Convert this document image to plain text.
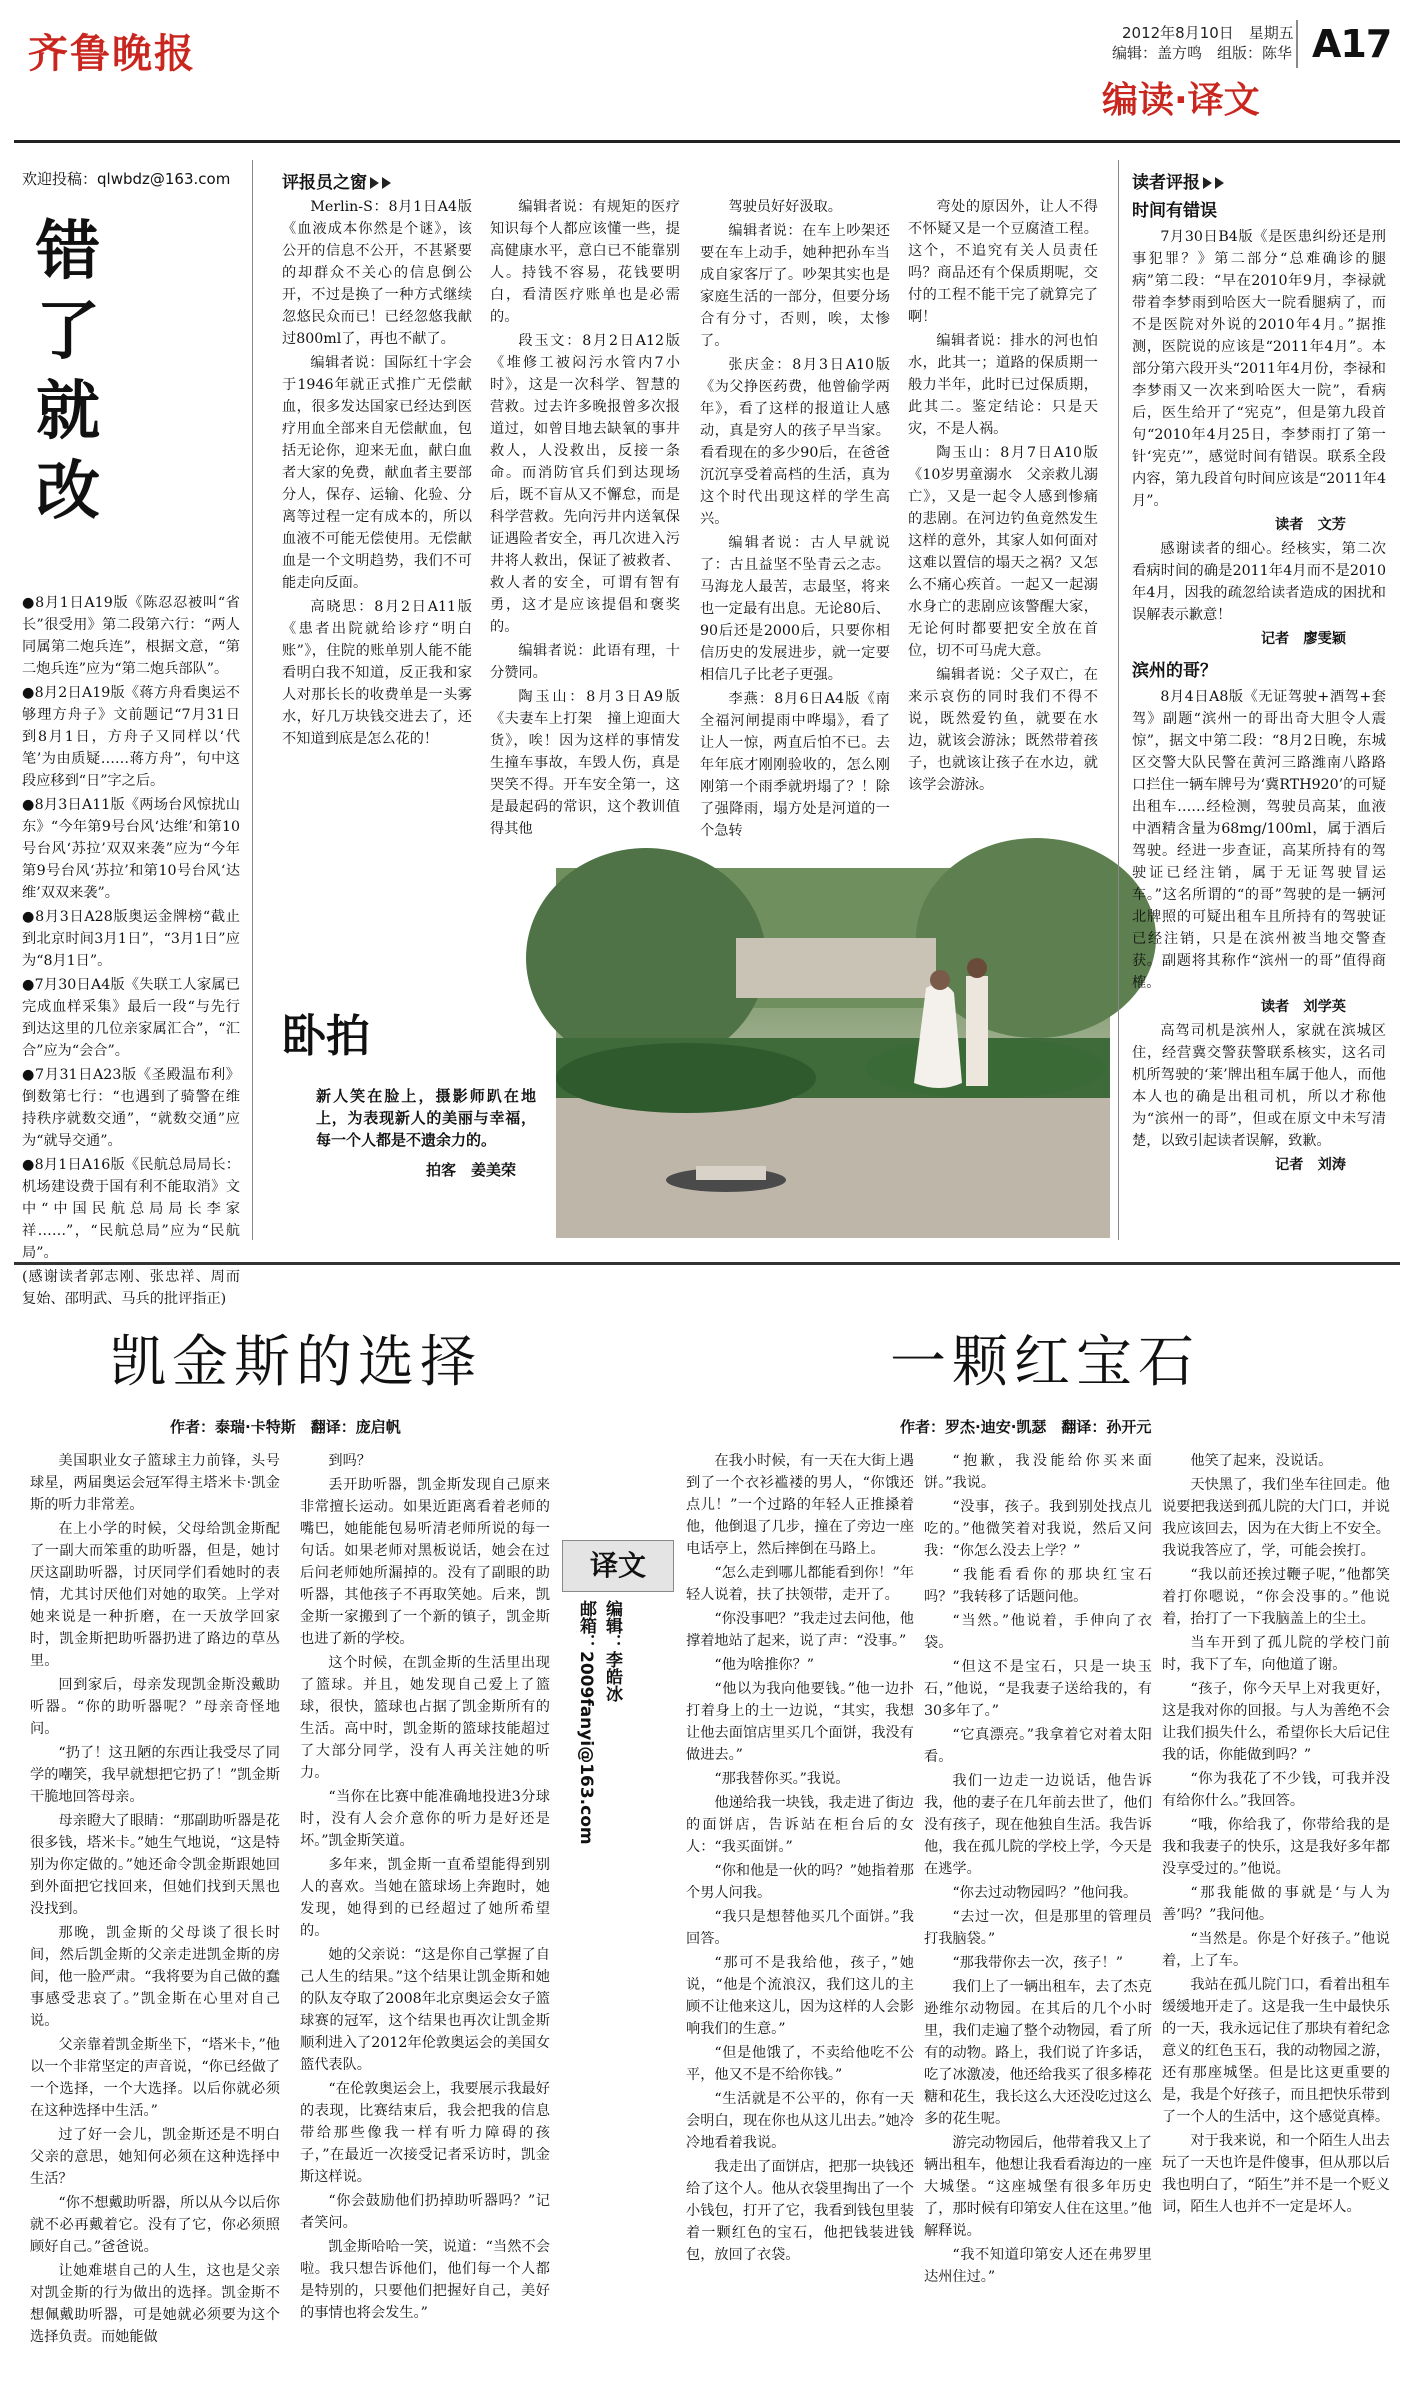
齐鲁晚报	2012年8月10日　星期五
编辑：盖方鸣　组版：陈华 A17
编读·译文
欢迎投稿：qlwbdz@163.com
错　了
就　改

●8月1日A19版《陈忍忍被叫“省长”很受用》第二段第六行：“两人同属第二炮兵连”，根据文意，“第二炮兵连”应为“第二炮兵部队”。

●8月2日A19版《蒋方舟看奥运不够理方舟子》文前题记“7月31日到8月1日，方舟子又同样以‘代笔’为由质疑……蒋方舟”，句中这段应移到“日”字之后。

●8月3日A11版《两场台风惊扰山东》“今年第9号台风‘达维’和第10号台风‘苏拉’双双来袭”应为“今年第9号台风‘苏拉’和第10号台风‘达维’双双来袭”。

●8月3日A28版奥运金牌榜“截止到北京时间3月1日”，“3月1日”应为“8月1日”。

●7月30日A4版《失联工人家属已完成血样采集》最后一段“与先行到达这里的几位亲家属汇合”，“汇合”应为“会合”。

●7月31日A23版《圣殿温布利》倒数第七行：“也遇到了骑警在维持秩序就数交通”，“就数交通”应为“就导交通”。

●8月1日A16版《民航总局局长：机场建设费于国有利不能取消》文中“中国民航总局局长李家祥……”，“民航总局”应为“民航局”。

(感谢读者郭志刚、张忠祥、周而复始、邵明武、马兵的批评指正)

评报员之窗

Merlin-S：8月1日A4版《血液成本你然是个谜》，该公开的信息不公开，不甚紧要的却群众不关心的信息倒公开，不过是换了一种方式继续忽悠民众而已！已经忽悠我献过800ml了，再也不献了。

编辑者说：国际红十字会于1946年就正式推广无偿献血，很多发达国家已经达到医疗用血全部来自无偿献血，包括无论你，迎来无血，献白血者大家的免费，献血者主要部分人，保存、运输、化验、分离等过程一定有成本的，所以血液不可能无偿使用。无偿献血是一个文明趋势，我们不可能走向反面。

高晓思：8月2日A11版《患者出院就给诊疗“明白账”》，住院的账单别人能不能看明白我不知道，反正我和家人对那长长的收费单是一头雾水，好几万块钱交进去了，还不知道到底是怎么花的！

编辑者说：有规矩的医疗知识每个人都应该懂一些，提高健康水平，意白已不能靠别人。持钱不容易，花钱要明白，看清医疗账单也是必需的。

段玉文：8月2日A12版《堆修工被闷污水管内7小时》，这是一次科学、智慧的营救。过去许多晚报曾多次报道过，如曾目地去缺氧的事井救人，人没救出，反接一条命。而消防官兵们到达现场后，既不盲从又不懈怠，而是科学营救。先向污井内送氧保证遇险者安全，再几次进入污井将人救出，保证了被救者、救人者的安全，可谓有智有勇，这才是应该提倡和褒奖的。

编辑者说：此语有理，十分赞同。

陶玉山：8月3日A9版《夫妻车上打架　撞上迎面大货》，唉！因为这样的事情发生撞车事故，车毁人伤，真是哭笑不得。开车安全第一，这是最起码的常识，这个教训值得其他

驾驶员好好汲取。

编辑者说：在车上吵架还要在车上动手，她种把孙车当成自家客厅了。吵架其实也是家庭生活的一部分，但要分场合有分寸，否则，唉，太惨了。

张庆金：8月3日A10版《为父挣医药费，他曾偷学两年》，看了这样的报道让人感动，真是穷人的孩子早当家。看看现在的多少90后，在爸爸沉沉享受着高档的生活，真为这个时代出现这样的学生高兴。

编辑者说：古人早就说了：古且益坚不坠青云之志。马海龙人最苦，志最坚，将来也一定最有出息。无论80后、90后还是2000后，只要你相信历史的发展进步，就一定要相信几子比老子更强。

李燕：8月6日A4版《南全福河闸提雨中哗塌》，看了让人一惊，两直后怕不已。去年年底才刚刚验收的，怎么刚刚第一个雨季就坍塌了？！除了强降雨，塌方处是河道的一个急转

弯处的原因外，让人不得不怀疑又是一个豆腐渣工程。这个，不追究有关人员责任吗？商品还有个保质期呢，交付的工程不能干完了就算完了啊！

编辑者说：排水的河也怕水，此其一；道路的保质期一般力半年，此时已过保质期，此其二。鉴定结论：只是天灾，不是人祸。

陶玉山：8月7日A10版《10岁男童溺水　父亲救儿溺亡》，又是一起令人感到惨痛的悲剧。在河边钓鱼竟然发生这样的意外，其家人如何面对这难以置信的塌天之祸？又怎么不痛心疾首。一起又一起溺水身亡的悲剧应该警醒大家，无论何时都要把安全放在首位，切不可马虎大意。

编辑者说：父子双亡，在来示哀伤的同时我们不得不说，既然爱钓鱼，就要在水边，就该会游泳；既然带着孩子，也就该让孩子在水边，就该学会游泳。

卧拍

新人笑在脸上，摄影师趴在地上，为表现新人的美丽与幸福，每一个人都是不遗余力的。

拍客　姜美荣
读者评报
时间有错误

7月30日B4版《是医患纠纷还是刑事犯罪？》第二部分“总难确诊的腿病”第二段：“早在2010年9月，李禄就带着李梦雨到哈医大一院看腿病了，而不是医院对外说的2010年4月。”据推测，医院说的应该是“2011年4月”。本部分第六段开头“2011年4月份，李禄和李梦雨又一次来到哈医大一院”，看病后，医生给开了“宪克”，但是第九段首句“2010年4月25日，李梦雨打了第一针‘宪克’”，感觉时间有错误。联系全段内容，第九段首句时间应该是“2011年4月”。

读者　文芳

感谢读者的细心。经核实，第二次看病时间的确是2011年4月而不是2010年4月，因我的疏忽给读者造成的困扰和误解表示歉意！

记者　廖雯颖

滨州的哥？

8月4日A8版《无证驾驶+酒驾+套驾》副题“滨州一的哥出奇大胆令人震惊”，据文中第二段：“8月2日晚，东城区交警大队民警在黄河三路潍南八路路口拦住一辆车牌号为‘冀RTH920’的可疑出租车……经检测，驾驶员高某，血液中酒精含量为68mg/100ml，属于酒后驾驶。经进一步查证，高某所持有的驾驶证已经注销，属于无证驾驶冒运车。”这名所谓的“的哥”驾驶的是一辆河北牌照的可疑出租车且所持有的驾驶证已经注销，只是在滨州被当地交警查获。副题将其称作“滨州一的哥”值得商榷。

读者　刘学英

高驾司机是滨州人，家就在滨城区住，经营冀交警获警联系核实，这名司机所驾驶的‘莱’牌出租车属于他人，而他本人也的确是出租司机，所以才称他为“滨州一的哥”，但或在原文中未写清楚，以致引起读者误解，致歉。

记者　刘涛

凯金斯的选择
作者：泰瑞·卡特斯　翻译：庞启帆

美国职业女子篮球主力前锋，头号球星，两届奥运会冠军得主塔米卡·凯金斯的听力非常差。

在上小学的时候，父母给凯金斯配了一副大而笨重的助听器，但是，她讨厌这副助听器，讨厌同学们看她时的表情，尤其讨厌他们对她的取笑。上学对她来说是一种折磨，在一天放学回家时，凯金斯把助听器扔进了路边的草丛里。

回到家后，母亲发现凯金斯没戴助听器。“你的助听器呢？”母亲奇怪地问。

“扔了！这丑陋的东西让我受尽了同学的嘲笑，我早就想把它扔了！”凯金斯干脆地回答母亲。

母亲瞪大了眼睛：“那副助听器是花很多钱，塔米卡。”她生气地说，“这是特别为你定做的。”她还命令凯金斯跟她回到外面把它找回来，但她们找到天黑也没找到。

那晚，凯金斯的父母谈了很长时间，然后凯金斯的父亲走进凯金斯的房间，他一脸严肃。“我将要为自己做的蠢事感受悲哀了。”凯金斯在心里对自己说。

父亲靠着凯金斯坐下，“塔米卡，”他以一个非常坚定的声音说，“你已经做了一个选择，一个大选择。以后你就必须在这种选择中生活。”

过了好一会儿，凯金斯还是不明白父亲的意思，她知何必须在这种选择中生活？

“你不想戴助听器，所以从今以后你就不必再戴着它。没有了它，你必须照顾好自己。”爸爸说。

让她难堪自己的人生，这也是父亲对凯金斯的行为做出的选择。凯金斯不想佩戴助听器，可是她就必须要为这个选择负责。而她能做

到吗？

丢开助听器，凯金斯发现自己原来非常擅长运动。如果近距离看着老师的嘴巴，她能能包易听清老师所说的每一句话。如果老师对黑板说话，她会在过后问老师她所漏掉的。没有了副眼的助听器，其他孩子不再取笑她。后来，凯金斯一家搬到了一个新的镇子，凯金斯也进了新的学校。

这个时候，在凯金斯的生活里出现了篮球。并且，她发现自己爱上了篮球，很快，篮球也占据了凯金斯所有的生活。高中时，凯金斯的篮球技能超过了大部分同学，没有人再关注她的听力。

“当你在比赛中能准确地投进3分球时，没有人会介意你的听力是好还是坏。”凯金斯笑道。

多年来，凯金斯一直希望能得到别人的喜欢。当她在篮球场上奔跑时，她发现，她得到的已经超过了她所希望的。

她的父亲说：“这是你自己掌握了自己人生的结果。”这个结果让凯金斯和她的队友夺取了2008年北京奥运会女子篮球赛的冠军，这个结果也再次让凯金斯顺利进入了2012年伦敦奥运会的美国女篮代表队。

“在伦敦奥运会上，我要展示我最好的表现，比赛结束后，我会把我的信息带给那些像我一样有听力障碍的孩子，”在最近一次接受记者采访时，凯金斯这样说。

“你会鼓励他们扔掉助听器吗？”记者笑问。

凯金斯哈哈一笑，说道：“当然不会啦。我只想告诉他们，他们每一个人都是特别的，只要他们把握好自己，美好的事情也将会发生。”

译文
编辑：李皓冰
邮箱：2009fanyi@163.com
一颗红宝石
作者：罗杰·迪安·凯瑟　翻译：孙开元

在我小时候，有一天在大街上遇到了一个衣衫褴褛的男人，“你饿还点儿！”一个过路的年轻人正推搡着他，他倒退了几步，撞在了旁边一座电话亭上，然后摔倒在马路上。

“怎么走到哪儿都能看到你！”年轻人说着，扶了扶领带，走开了。

“你没事吧？”我走过去问他，他撑着地站了起来，说了声：“没事。”

“他为啥推你？”

“他以为我向他要钱。”他一边扑打着身上的土一边说，“其实，我想让他去面馆店里买几个面饼，我没有做进去。”

“那我替你买。”我说。

他递给我一块钱，我走进了街边的面饼店，告诉站在柜台后的女人：“我买面饼。”

“你和他是一伙的吗？”她指着那个男人问我。

“我只是想替他买几个面饼。”我回答。

“那可不是我给他，孩子，”她说，“他是个流浪汉，我们这儿的主顾不让他来这儿，因为这样的人会影响我们的生意。”

“但是他饿了，不卖给他吃不公平，他又不是不给你钱。”

“生活就是不公平的，你有一天会明白，现在你也从这儿出去。”她冷冷地看着我说。

我走出了面饼店，把那一块钱还给了这个人。他从衣袋里掏出了一个小钱包，打开了它，我看到钱包里装着一颗红色的宝石，他把钱装进钱包，放回了衣袋。

“抱歉，我没能给你买来面饼。”我说。

“没事，孩子。我到别处找点儿吃的。”他微笑着对我说，然后又问我：“你怎么没去上学？”

“我能看看你的那块红宝石吗？”我转移了话题问他。

“当然。”他说着，手伸向了衣袋。

“但这不是宝石，只是一块玉石，”他说，“是我妻子送给我的，有30多年了。”

“它真漂亮。”我拿着它对着太阳看。

我们一边走一边说话，他告诉我，他的妻子在几年前去世了，他们没有孩子，现在他独自生活。我告诉他，我在孤儿院的学校上学，今天是在逃学。

“你去过动物园吗？”他问我。

“去过一次，但是那里的管理员打我脑袋。”

“那我带你去一次，孩子！”

我们上了一辆出租车，去了杰克逊维尔动物园。在其后的几个小时里，我们走遍了整个动物园，看了所有的动物。路上，我们说了许多话，吃了冰激凌，他还给我买了很多棒花糖和花生，我长这么大还没吃过这么多的花生呢。

游完动物园后，他带着我又上了辆出租车，他想让我看看海边的一座大城堡。“这座城堡有很多年历史了，那时候有印第安人住在这里。”他解释说。

“我不知道印第安人还在弗罗里达州住过。”

他笑了起来，没说话。

天快黑了，我们坐车往回走。他说要把我送到孤儿院的大门口，并说我应该回去，因为在大街上不安全。我说我答应了，学，可能会挨打。

“我以前还挨过鞭子呢，”他都笑着打你嗯说，“你会没事的。”他说着，抬打了一下我脑盖上的尘土。

当车开到了孤儿院的学校门前时，我下了车，向他道了谢。

“孩子，你今天早上对我更好，这是我对你的回报。与人为善绝不会让我们损失什么，希望你长大后记住我的话，你能做到吗？”

“你为我花了不少钱，可我并没有给你什么。”我回答。

“哦，你给我了，你带给我的是我和我妻子的快乐，这是我好多年都没享受过的。”他说。

“那我能做的事就是‘与人为善’吗？”我问他。

“当然是。你是个好孩子。”他说着，上了车。

我站在孤儿院门口，看着出租车缓缓地开走了。这是我一生中最快乐的一天，我永远记住了那块有着纪念意义的红色玉石，我的动物园之游，还有那座城堡。但是比这更重要的是，我是个好孩子，而且把快乐带到了一个人的生活中，这个感觉真棒。

对于我来说，和一个陌生人出去玩了一天也许是件傻事，但从那以后我也明白了，“陌生”并不是一个贬义词，陌生人也并不一定是坏人。
